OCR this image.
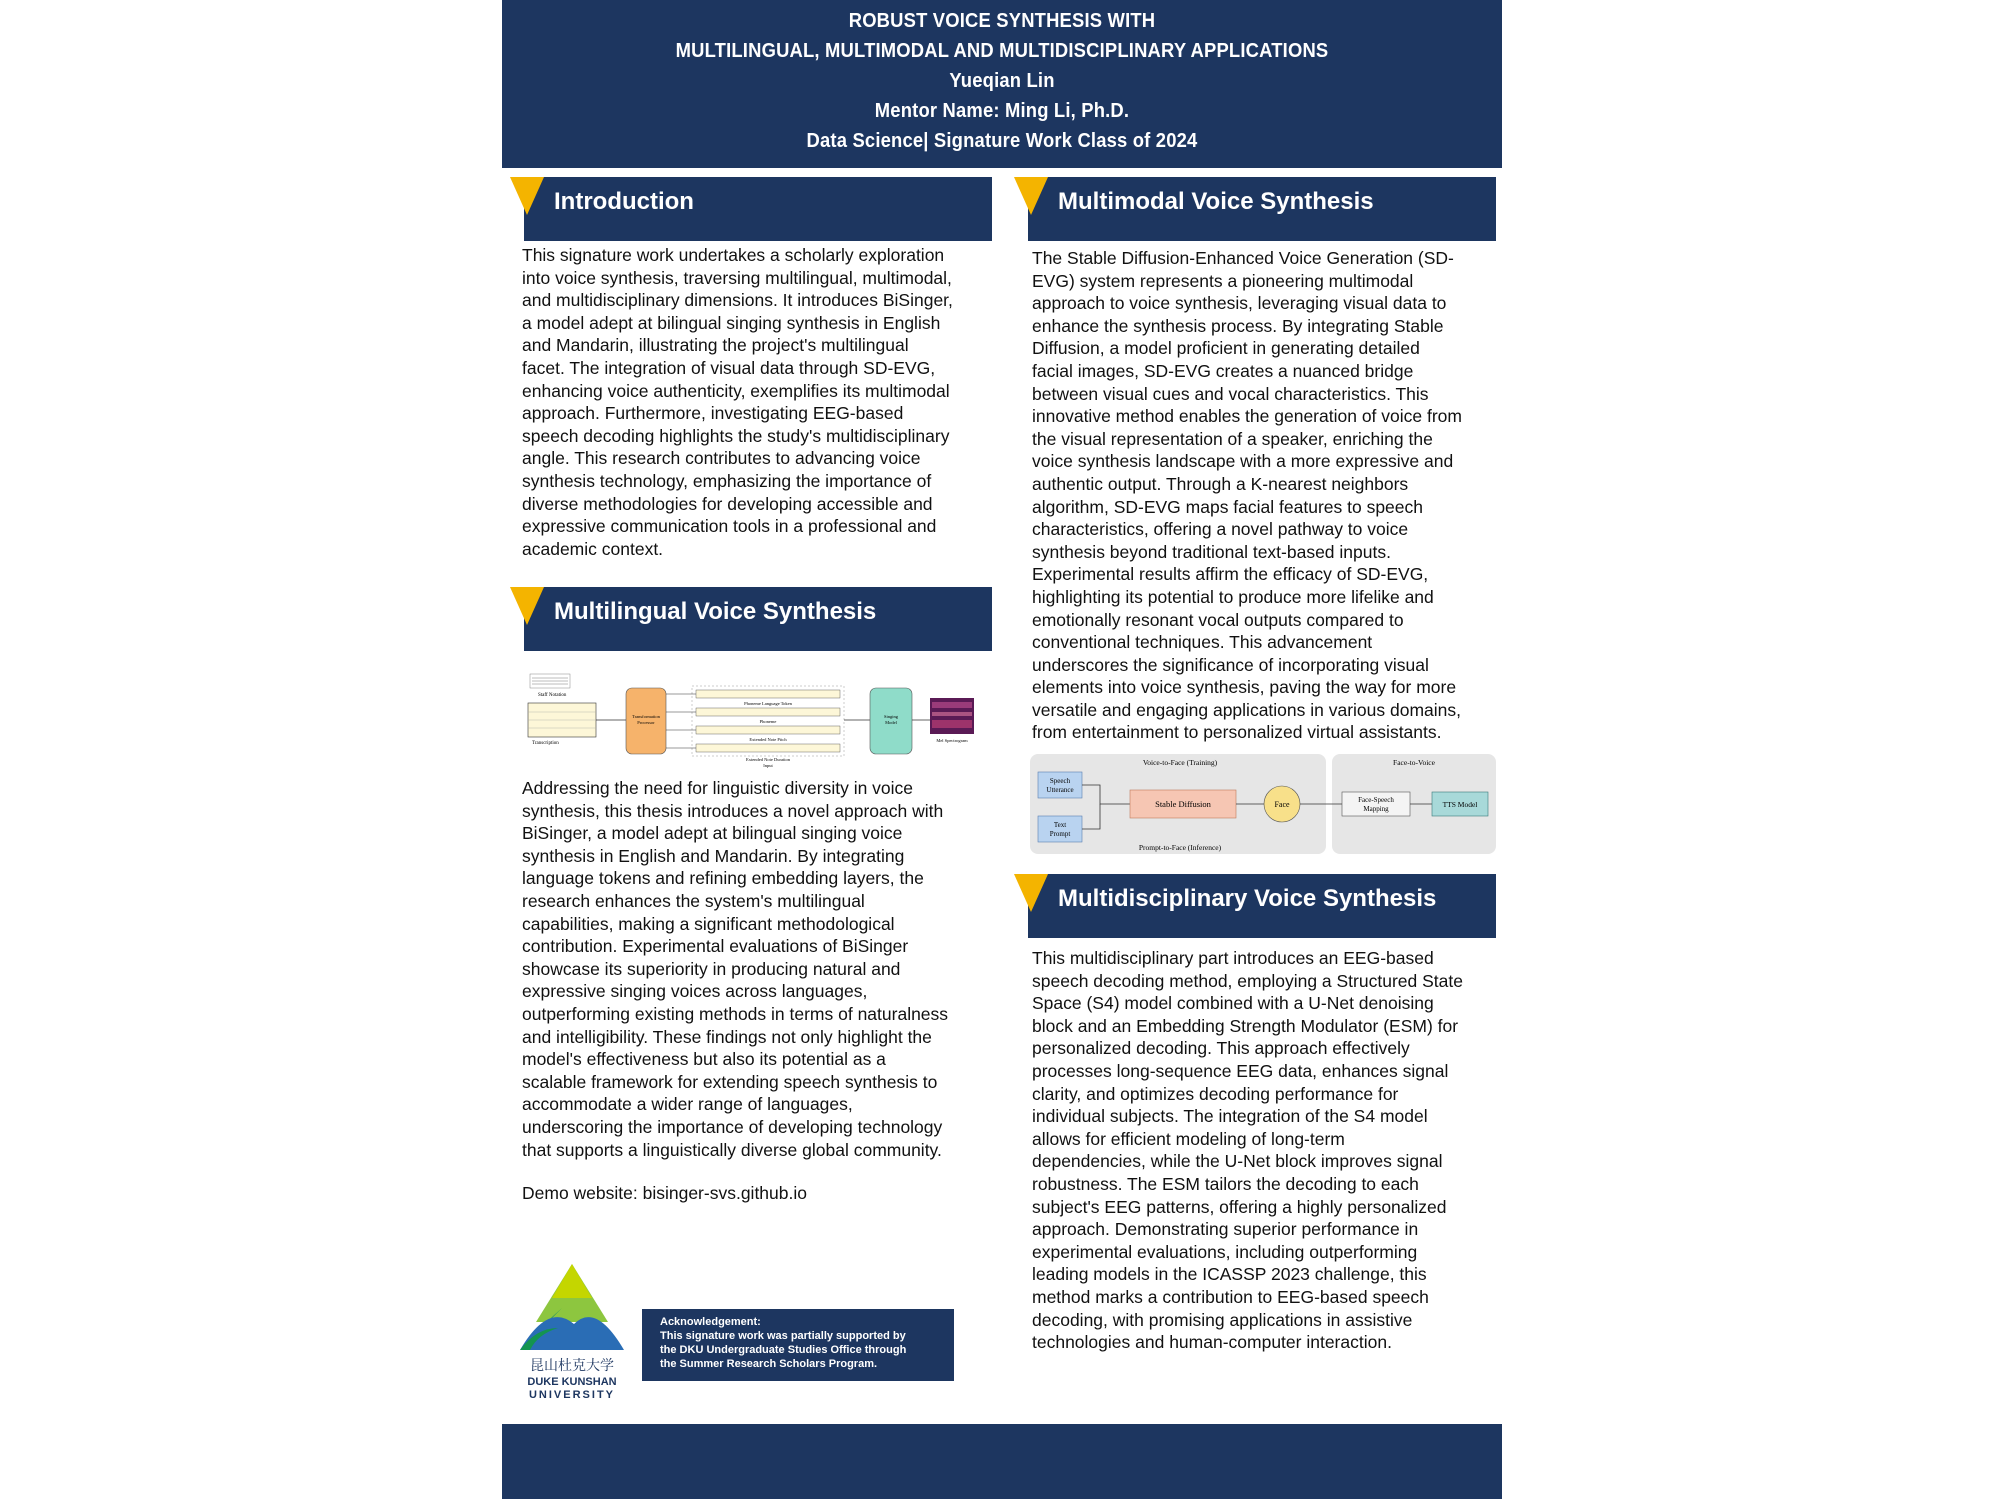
ROBUST VOICE SYNTHESIS WITH
MULTILINGUAL, MULTIMODAL AND MULTIDISCIPLINARY APPLICATIONS
Yueqian Lin
Mentor Name: Ming Li, Ph.D.
Data Science| Signature Work Class of 2024
Introduction
This signature work undertakes a scholarly exploration
into voice synthesis, traversing multilingual, multimodal,
and multidisciplinary dimensions. It introduces BiSinger,
a model adept at bilingual singing synthesis in English
and Mandarin, illustrating the project's multilingual
facet. The integration of visual data through SD-EVG,
enhancing voice authenticity, exemplifies its multimodal
approach. Furthermore, investigating EEG-based
speech decoding highlights the study's multidisciplinary
angle. This research contributes to advancing voice
synthesis technology, emphasizing the importance of
diverse methodologies for developing accessible and
expressive communication tools in a professional and
academic context.
Multilingual Voice Synthesis
Staff Notation
Transcription
Transformation
Processor
Phoneme Language Token
Phoneme
Extended Note Pitch
Extended Note Duration
Input
Singing
Model
Mel Spectrogram
Addressing the need for linguistic diversity in voice
synthesis, this thesis introduces a novel approach with
BiSinger, a model adept at bilingual singing voice
synthesis in English and Mandarin. By integrating
language tokens and refining embedding layers, the
research enhances the system's multilingual
capabilities, making a significant methodological
contribution. Experimental evaluations of BiSinger
showcase its superiority in producing natural and
expressive singing voices across languages,
outperforming existing methods in terms of naturalness
and intelligibility. These findings not only highlight the
model's effectiveness but also its potential as a
scalable framework for extending speech synthesis to
accommodate a wider range of languages,
underscoring the importance of developing technology
that supports a linguistically diverse global community.
Demo website: bisinger-svs.github.io
昆山杜克大学
DUKE KUNSHAN
UNIVERSITY
Acknowledgement:
This signature work was partially supported by
the DKU Undergraduate Studies Office through
the Summer Research Scholars Program.
Multimodal Voice Synthesis
The Stable Diffusion-Enhanced Voice Generation (SD-
EVG) system represents a pioneering multimodal
approach to voice synthesis, leveraging visual data to
enhance the synthesis process. By integrating Stable
Diffusion, a model proficient in generating detailed
facial images, SD-EVG creates a nuanced bridge
between visual cues and vocal characteristics. This
innovative method enables the generation of voice from
the visual representation of a speaker, enriching the
voice synthesis landscape with a more expressive and
authentic output. Through a K-nearest neighbors
algorithm, SD-EVG maps facial features to speech
characteristics, offering a novel pathway to voice
synthesis beyond traditional text-based inputs.
Experimental results affirm the efficacy of SD-EVG,
highlighting its potential to produce more lifelike and
emotionally resonant vocal outputs compared to
conventional techniques. This advancement
underscores the significance of incorporating visual
elements into voice synthesis, paving the way for more
versatile and engaging applications in various domains,
from entertainment to personalized virtual assistants.
Voice-to-Face (Training)	Face-to-Voice
Prompt-to-Face (Inference)
Speech
Utterance
Text
Prompt
Stable Diffusion	Face	Face-Speech
Mapping	TTS Model
Multidisciplinary Voice Synthesis
This multidisciplinary part introduces an EEG-based
speech decoding method, employing a Structured State
Space (S4) model combined with a U-Net denoising
block and an Embedding Strength Modulator (ESM) for
personalized decoding. This approach effectively
processes long-sequence EEG data, enhances signal
clarity, and optimizes decoding performance for
individual subjects. The integration of the S4 model
allows for efficient modeling of long-term
dependencies, while the U-Net block improves signal
robustness. The ESM tailors the decoding to each
subject's EEG patterns, offering a highly personalized
approach. Demonstrating superior performance in
experimental evaluations, including outperforming
leading models in the ICASSP 2023 challenge, this
method marks a contribution to EEG-based speech
decoding, with promising applications in assistive
technologies and human-computer interaction.
